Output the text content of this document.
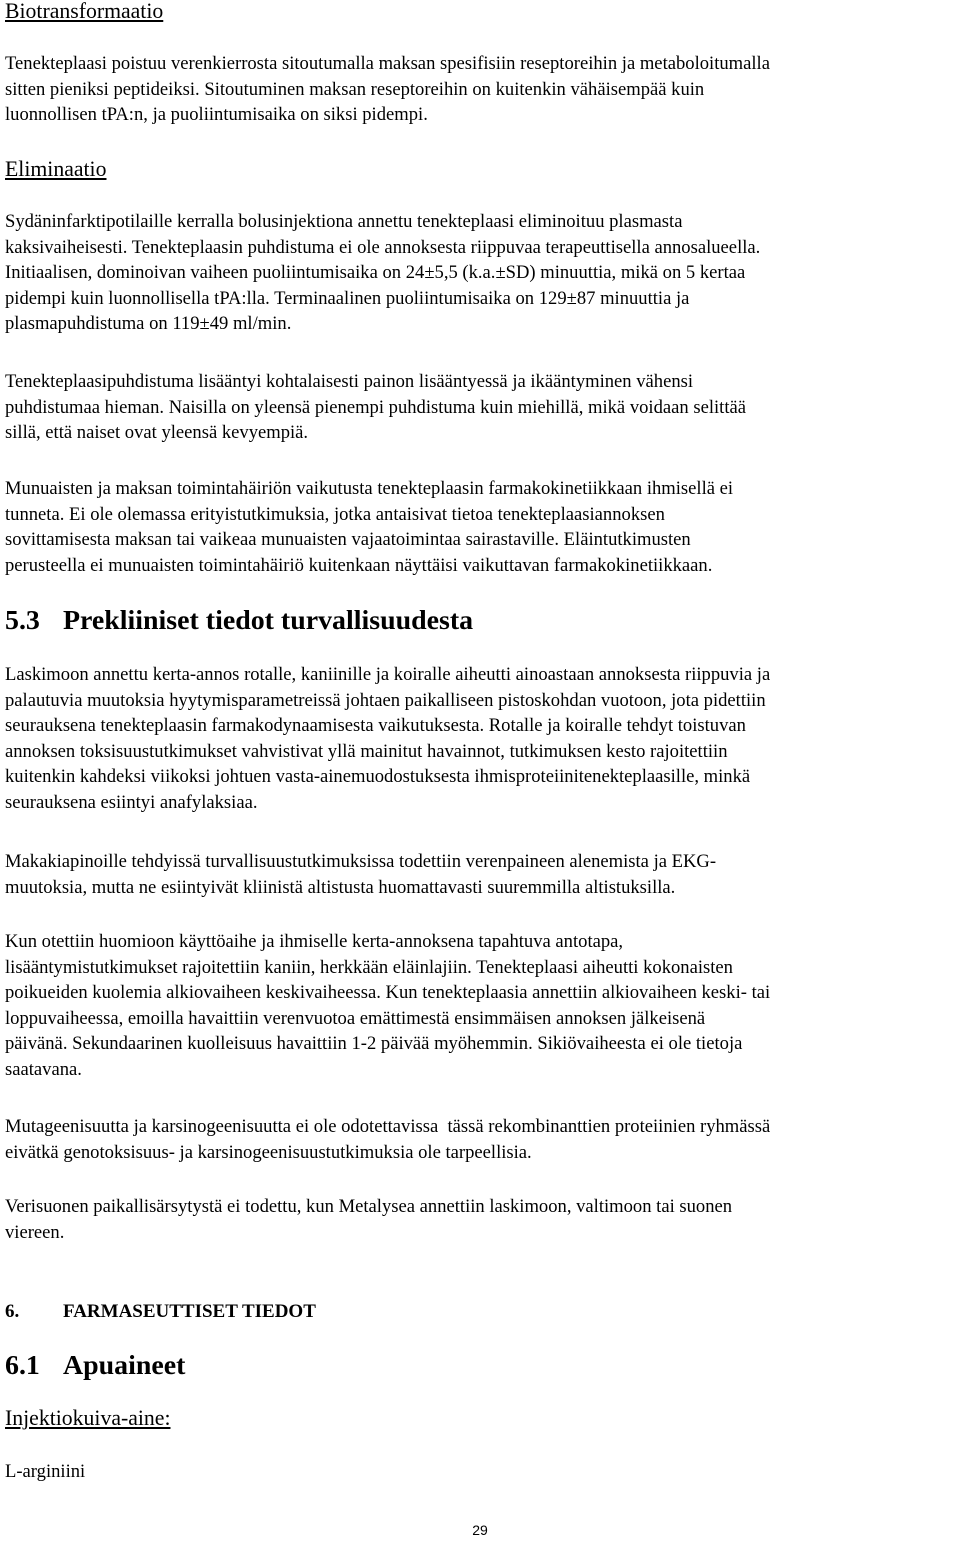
Biotransformaatio

Tenekteplaasi poistuu verenkierrosta sitoutumalla maksan spesifisiin reseptoreihin ja metaboloitumalla
sitten pieniksi peptideiksi. Sitoutuminen maksan reseptoreihin on kuitenkin vähäisempää kuin
luonnollisen tPA:n, ja puoliintumisaika on siksi pidempi.

Eliminaatio

Sydäninfarktipotilaille kerralla bolusinjektiona annettu tenekteplaasi eliminoituu plasmasta
kaksivaiheisesti. Tenekteplaasin puhdistuma ei ole annoksesta riippuvaa terapeuttisella annosalueella.
Initiaalisen, dominoivan vaiheen puoliintumisaika on 24±5,5 (k.a.±SD) minuuttia, mikä on 5 kertaa
pidempi kuin luonnollisella tPA:lla. Terminaalinen puoliintumisaika on 129±87 minuuttia ja
plasmapuhdistuma on 119±49 ml/min.

Tenekteplaasipuhdistuma lisääntyi kohtalaisesti painon lisääntyessä ja ikääntyminen vähensi
puhdistumaa hieman. Naisilla on yleensä pienempi puhdistuma kuin miehillä, mikä voidaan selittää
sillä, että naiset ovat yleensä kevyempiä.

Munuaisten ja maksan toimintahäiriön vaikutusta tenekteplaasin farmakokinetiikkaan ihmisellä ei
tunneta. Ei ole olemassa erityistutkimuksia, jotka antaisivat tietoa tenekteplaasiannoksen
sovittamisesta maksan tai vaikeaa munuaisten vajaatoimintaa sairastaville. Eläintutkimusten
perusteella ei munuaisten toimintahäiriö kuitenkaan näyttäisi vaikuttavan farmakokinetiikkaan.

5.3 Prekliiniset tiedot turvallisuudesta

Laskimoon annettu kerta-annos rotalle, kaniinille ja koiralle aiheutti ainoastaan annoksesta riippuvia ja
palautuvia muutoksia hyytymisparametreissä johtaen paikalliseen pistoskohdan vuotoon, jota pidettiin
seurauksena tenekteplaasin farmakodynaamisesta vaikutuksesta. Rotalle ja koiralle tehdyt toistuvan
annoksen toksisuustutkimukset vahvistivat yllä mainitut havainnot, tutkimuksen kesto rajoitettiin
kuitenkin kahdeksi viikoksi johtuen vasta-ainemuodostuksesta ihmisproteiinitenekteplaasille, minkä
seurauksena esiintyi anafylaksiaa.

Makakiapinoille tehdyissä turvallisuustutkimuksissa todettiin verenpaineen alenemista ja EKG-
muutoksia, mutta ne esiintyivät kliinistä altistusta huomattavasti suuremmilla altistuksilla.

Kun otettiin huomioon käyttöaihe ja ihmiselle kerta-annoksena tapahtuva antotapa,
lisääntymistutkimukset rajoitettiin kaniin, herkkään eläinlajiin. Tenekteplaasi aiheutti kokonaisten
poikueiden kuolemia alkiovaiheen keskivaiheessa. Kun tenekteplaasia annettiin alkiovaiheen keski- tai
loppuvaiheessa, emoilla havaittiin verenvuotoa emättimestä ensimmäisen annoksen jälkeisenä
päivänä. Sekundaarinen kuolleisuus havaittiin 1-2 päivää myöhemmin. Sikiövaiheesta ei ole tietoja
saatavana.

Mutageenisuutta ja karsinogeenisuutta ei ole odotettavissa  tässä rekombinanttien proteiinien ryhmässä
eivätkä genotoksisuus- ja karsinogeenisuustutkimuksia ole tarpeellisia.

Verisuonen paikallisärsytystä ei todettu, kun Metalysea annettiin laskimoon, valtimoon tai suonen
viereen.

6. FARMASEUTTISET TIEDOT
6.1 Apuaineet
Injektiokuiva-aine:

L-arginiini

29
